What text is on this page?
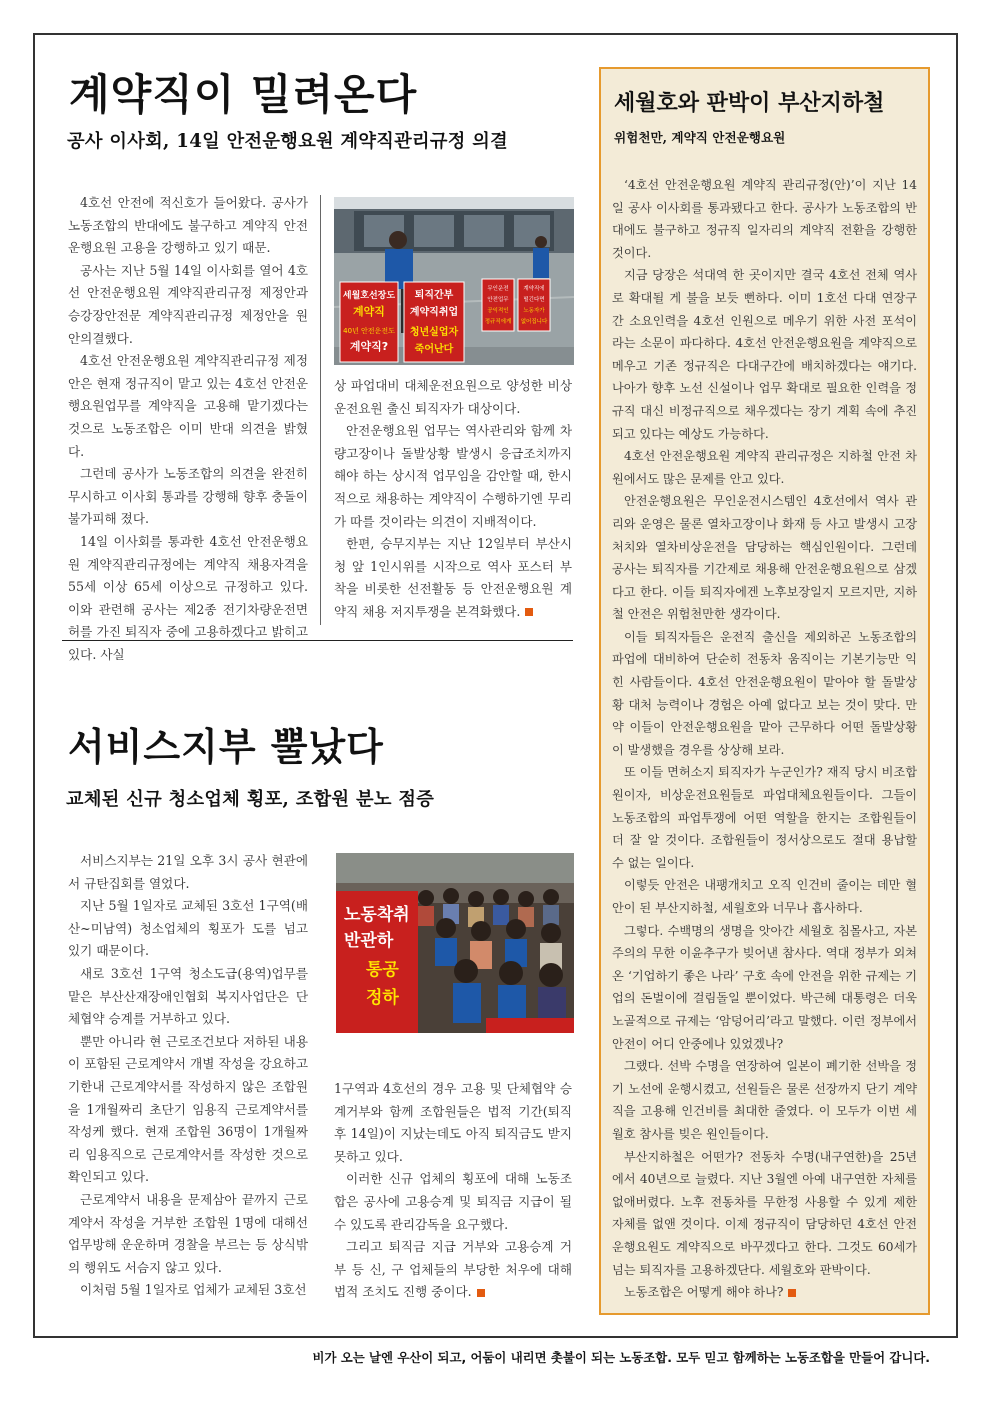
계약직이 밀려온다
공사 이사회, 14일 안전운행요원 계약직관리규정 의결

4호선 안전에 적신호가 들어왔다. 공사가 노동조합의 반대에도 불구하고 계약직 안전운행요원 고용을 강행하고 있기 때문.

공사는 지난 5월 14일 이사회를 열어 4호선 안전운행요원 계약직관리규정 제정안과 승강장안전문 계약직관리규정 제정안을 원안의결했다.

4호선 안전운행요원 계약직관리규정 제정안은 현재 정규직이 맡고 있는 4호선 안전운행요원업무를 계약직을 고용해 맡기겠다는 것으로 노동조합은 이미 반대 의견을 밝혔다.

그런데 공사가 노동조합의 의견을 완전히 무시하고 이사회 통과를 강행해 향후 충돌이 불가피해 졌다.

14일 이사회를 통과한 4호선 안전운행요원 계약직관리규정에는 계약직 채용자격을 55세 이상 65세 이상으로 규정하고 있다. 이와 관련해 공사는 제2종 전기차량운전면허를 가진 퇴직자 중에 고용하겠다고 밝히고 있다. 사실

세월호선장도
계약직
40년 안전운전도
계약직?
퇴직간부
계약직취업
청년실업자
죽어난다
무인운전
안전업무
공익적인
정규직에게
계약직에
떨긴다면
노동자가
없어집니다

상 파업대비 대체운전요원으로 양성한 비상운전요원 출신 퇴직자가 대상이다.

안전운행요원 업무는 역사관리와 함께 차량고장이나 돌발상황 발생시 응급조치까지 해야 하는 상시적 업무임을 감안할 때, 한시적으로 채용하는 계약직이 수행하기엔 무리가 따를 것이라는 의견이 지배적이다.

한편, 승무지부는 지난 12일부터 부산시청 앞 1인시위를 시작으로 역사 포스터 부착을 비롯한 선전활동 등 안전운행요원 계약직 채용 저지투쟁을 본격화했다.

서비스지부 뿔났다
교체된 신규 청소업체 횡포, 조합원 분노 점증

서비스지부는 21일 오후 3시 공사 현관에서 규탄집회를 열었다.

지난 5월 1일자로 교체된 3호선 1구역(배산~미남역) 청소업체의 횡포가 도를 넘고 있기 때문이다.

새로 3호선 1구역 청소도급(용역)업무를 맡은 부산산재장애인협회 복지사업단은 단체협약 승계를 거부하고 있다.

뿐만 아니라 현 근로조건보다 저하된 내용이 포함된 근로계약서 개별 작성을 강요하고 기한내 근로계약서를 작성하지 않은 조합원을 1개월짜리 초단기 임용직 근로계약서를 작성케 했다. 현재 조합원 36명이 1개월짜리 임용직으로 근로계약서를 작성한 것으로 확인되고 있다.

근로계약서 내용을 문제삼아 끝까지 근로계약서 작성을 거부한 조합원 1명에 대해선 업무방해 운운하며 경찰을 부르는 등 상식밖의 행위도 서슴지 않고 있다.

이처럼 5월 1일자로 업체가 교체된 3호선

노동착취
반관하
통공
정하

1구역과 4호선의 경우 고용 및 단체협약 승계거부와 함께 조합원들은 법적 기간(퇴직 후 14일)이 지났는데도 아직 퇴직금도 받지 못하고 있다.

이러한 신규 업체의 횡포에 대해 노동조합은 공사에 고용승계 및 퇴직금 지급이 될 수 있도록 관리감독을 요구했다.

그리고 퇴직금 지급 거부와 고용승계 거부 등 신, 구 업체들의 부당한 처우에 대해 법적 조치도 진행 중이다.

세월호와 판박이 부산지하철
위험천만, 계약직 안전운행요원

‘4호선 안전운행요원 계약직 관리규정(안)’이 지난 14일 공사 이사회를 통과됐다고 한다. 공사가 노동조합의 반대에도 불구하고 정규직 일자리의 계약직 전환을 강행한 것이다.

지금 당장은 석대역 한 곳이지만 결국 4호선 전체 역사로 확대될 게 불을 보듯 뻔하다. 이미 1호선 다대 연장구간 소요인력을 4호선 인원으로 메우기 위한 사전 포석이라는 소문이 파다하다. 4호선 안전운행요원을 계약직으로 메우고 기존 정규직은 다대구간에 배치하겠다는 얘기다. 나아가 향후 노선 신설이나 업무 확대로 필요한 인력을 정규직 대신 비정규직으로 채우겠다는 장기 계획 속에 추진되고 있다는 예상도 가능하다.

4호선 안전운행요원 계약직 관리규정은 지하철 안전 차원에서도 많은 문제를 안고 있다.

안전운행요원은 무인운전시스템인 4호선에서 역사 관리와 운영은 물론 열차고장이나 화재 등 사고 발생시 고장처치와 열차비상운전을 담당하는 핵심인원이다. 그런데 공사는 퇴직자를 기간제로 채용해 안전운행요원으로 삼겠다고 한다. 이들 퇴직자에겐 노후보장일지 모르지만, 지하철 안전은 위험천만한 생각이다.

이들 퇴직자들은 운전직 출신을 제외하곤 노동조합의 파업에 대비하여 단순히 전동차 움직이는 기본기능만 익힌 사람들이다. 4호선 안전운행요원이 맡아야 할 돌발상황 대처 능력이나 경험은 아예 없다고 보는 것이 맞다. 만약 이들이 안전운행요원을 맡아 근무하다 어떤 돌발상황이 발생했을 경우를 상상해 보라.

또 이들 면허소지 퇴직자가 누군인가? 재직 당시 비조합원이자, 비상운전요원들로 파업대체요원들이다. 그들이 노동조합의 파업투쟁에 어떤 역할을 한지는 조합원들이 더 잘 알 것이다. 조합원들이 정서상으로도 절대 용납할 수 없는 일이다.

이렇듯 안전은 내팽개치고 오직 인건비 줄이는 데만 혈안이 된 부산지하철, 세월호와 너무나 흡사하다.

그렇다. 수백명의 생명을 앗아간 세월호 침몰사고, 자본주의의 무한 이윤추구가 빚어낸 참사다. 역대 정부가 외쳐온 ‘기업하기 좋은 나라’ 구호 속에 안전을 위한 규제는 기업의 돈벌이에 걸림돌일 뿐이었다. 박근혜 대통령은 더욱 노골적으로 규제는 ‘암덩어리’라고 말했다. 이런 정부에서 안전이 어디 안중에나 있었겠나?

그랬다. 선박 수명을 연장하여 일본이 폐기한 선박을 정기 노선에 운행시켰고, 선원들은 물론 선장까지 단기 계약직을 고용해 인건비를 최대한 줄였다. 이 모두가 이번 세월호 참사를 빚은 원인들이다.

부산지하철은 어떤가? 전동차 수명(내구연한)을 25년에서 40년으로 늘렸다. 지난 3월엔 아예 내구연한 자체를 없애버렸다. 노후 전동차를 무한정 사용할 수 있게 제한 자체를 없앤 것이다. 이제 정규직이 담당하던 4호선 안전운행요원도 계약직으로 바꾸겠다고 한다. 그것도 60세가 넘는 퇴직자를 고용하겠단다. 세월호와 판박이다.

노동조합은 어떻게 해야 하나?

비가 오는 날엔 우산이 되고, 어둠이 내리면 촛불이 되는 노동조합. 모두 믿고 함께하는 노동조합을 만들어 갑니다.
